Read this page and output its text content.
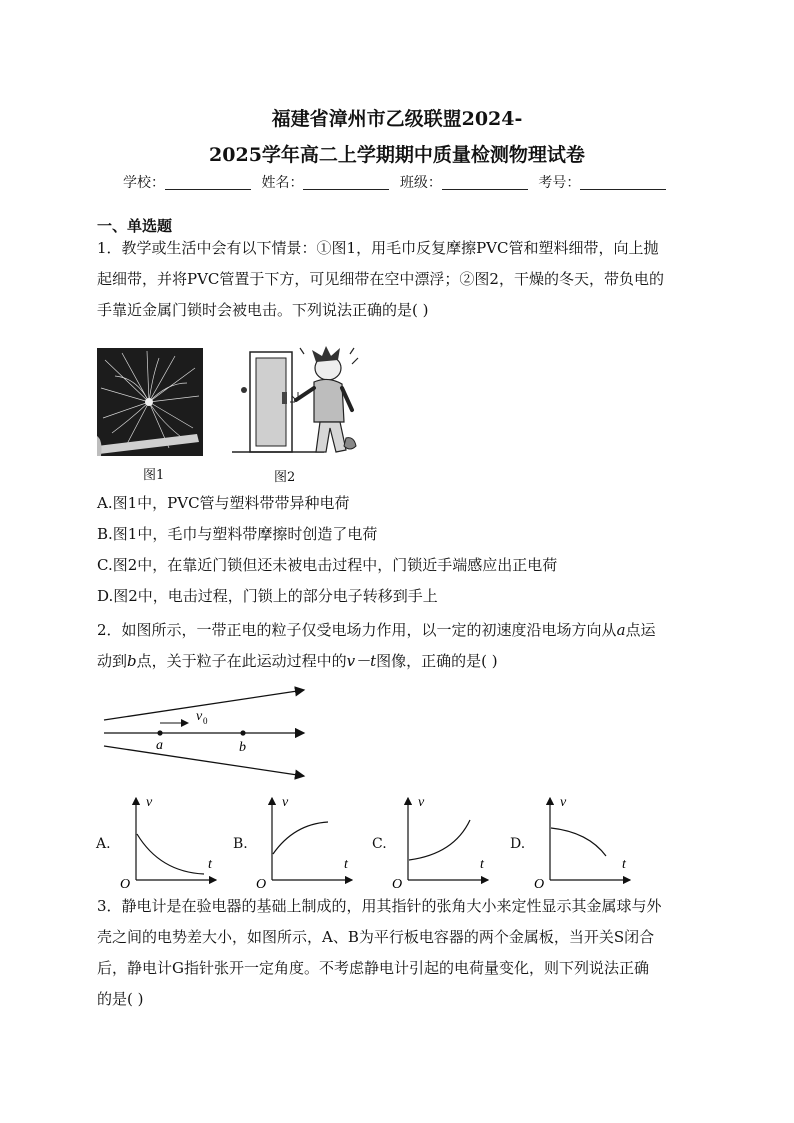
福建省漳州市乙级联盟2024-
2025学年高二上学期期中质量检测物理试卷
学校：	姓名：	班级：	考号：
一、单选题
1．教学或生活中会有以下情景：①图1，用毛巾反复摩擦PVC管和塑料细带，向上抛
起细带，并将PVC管置于下方，可见细带在空中漂浮；②图2，干燥的冬天，带负电的
手靠近金属门锁时会被电击。下列说法正确的是( )
图1	图2
A.图1中，PVC管与塑料带带异种电荷
B.图1中，毛巾与塑料带摩擦时创造了电荷
C.图2中，在靠近门锁但还未被电击过程中，门锁近手端感应出正电荷
D.图2中，电击过程，门锁上的部分电子转移到手上
2．如图所示，一带正电的粒子仅受电场力作用，以一定的初速度沿电场方向从a点运
动到b点，关于粒子在此运动过程中的v－t图像，正确的是( )
v 0
a	b
A.	B.	C.	D.
v
t
O
v
t
O
v
t
O
v
t
O
3．静电计是在验电器的基础上制成的，用其指针的张角大小来定性显示其金属球与外
壳之间的电势差大小，如图所示，A、B为平行板电容器的两个金属板，当开关S闭合
后，静电计G指针张开一定角度。不考虑静电计引起的电荷量变化，则下列说法正确
的是( )
